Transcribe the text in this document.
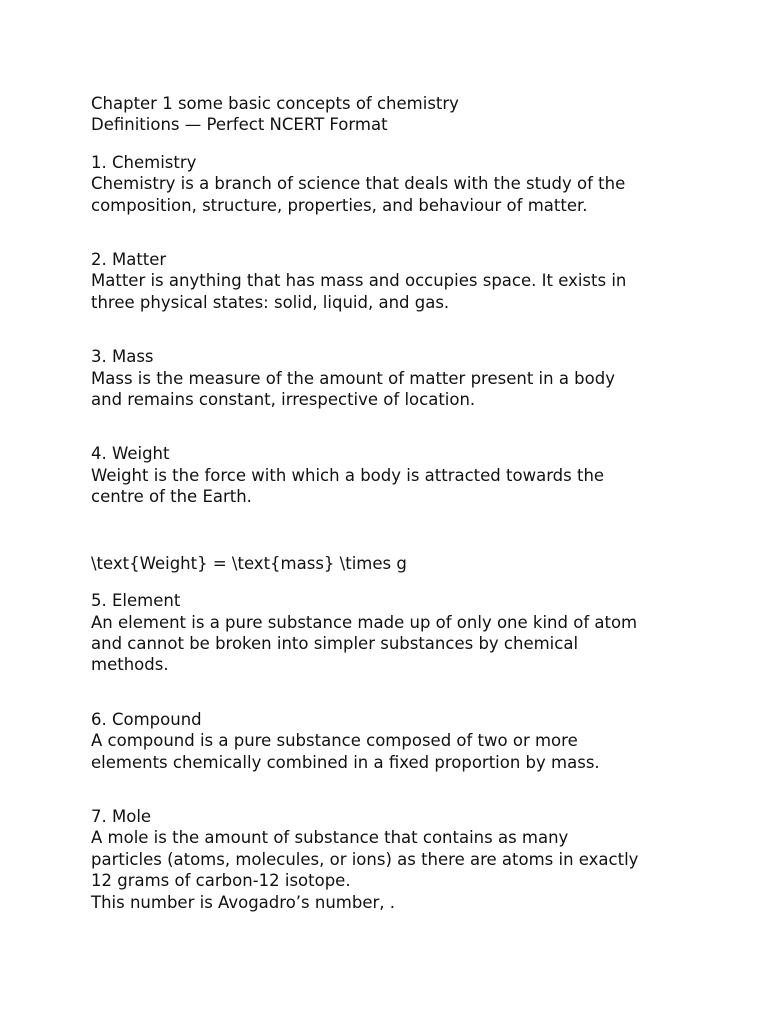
Chapter 1 some basic concepts of chemistry
Definitions — Perfect NCERT Format
1. Chemistry
Chemistry is a branch of science that deals with the study of the
composition, structure, properties, and behaviour of matter.
2. Matter
Matter is anything that has mass and occupies space. It exists in
three physical states: solid, liquid, and gas.
3. Mass
Mass is the measure of the amount of matter present in a body
and remains constant, irrespective of location.
4. Weight
Weight is the force with which a body is attracted towards the
centre of the Earth.
\text{Weight} = \text{mass} \times g
5. Element
An element is a pure substance made up of only one kind of atom
and cannot be broken into simpler substances by chemical
methods.
6. Compound
A compound is a pure substance composed of two or more
elements chemically combined in a fixed proportion by mass.
7. Mole
A mole is the amount of substance that contains as many
particles (atoms, molecules, or ions) as there are atoms in exactly
12 grams of carbon-12 isotope.
This number is Avogadro’s number, .
